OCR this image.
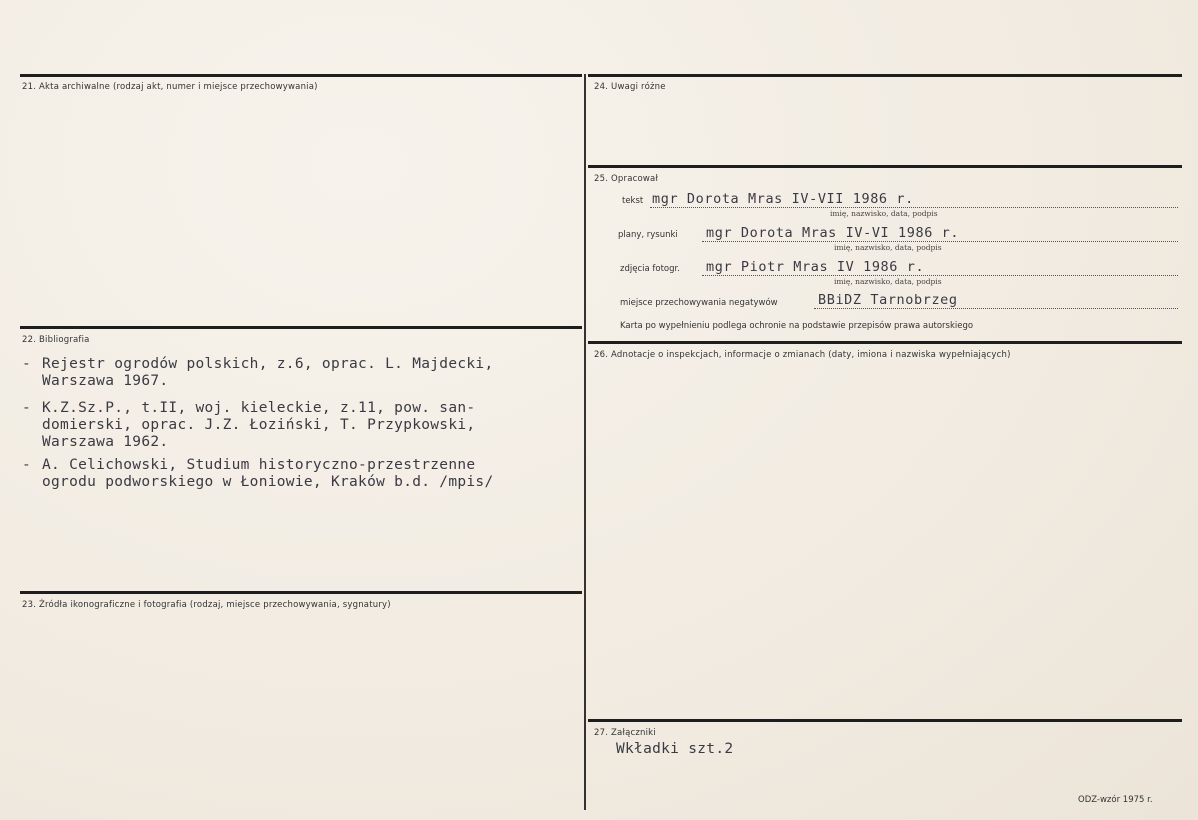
21. Akta archiwalne (rodzaj akt, numer i miejsce przechowywania)
22. Bibliografia
- Rejestr ogrodów polskich, z.6, oprac. L. Majdecki,
Warszawa 1967.
- K.Z.Sz.P., t.II, woj. kieleckie, z.11, pow. san-
domierski, oprac. J.Z. Łoziński, T. Przypkowski,
Warszawa 1962.
- A. Celichowski, Studium historyczno-przestrzenne
ogrodu podworskiego w Łoniowie, Kraków b.d. /mpis/
23. Źródła ikonograficzne i fotografia (rodzaj, miejsce przechowywania, sygnatury)
24. Uwagi różne
25. Opracował
tekst mgr Dorota Mras IV-VII 1986 r.
imię, nazwisko, data, podpis
plany, rysunki mgr Dorota Mras IV-VI 1986 r.
imię, nazwisko, data, podpis
zdjęcia fotogr. mgr Piotr Mras IV 1986 r.
imię, nazwisko, data, podpis
miejsce przechowywania negatywów	BBiDZ Tarnobrzeg
Karta po wypełnieniu podlega ochronie na podstawie przepisów prawa autorskiego
26. Adnotacje o inspekcjach, informacje o zmianach (daty, imiona i nazwiska wypełniających)
27. Załączniki
Wkładki szt.2
ODZ-wzór 1975 r.
